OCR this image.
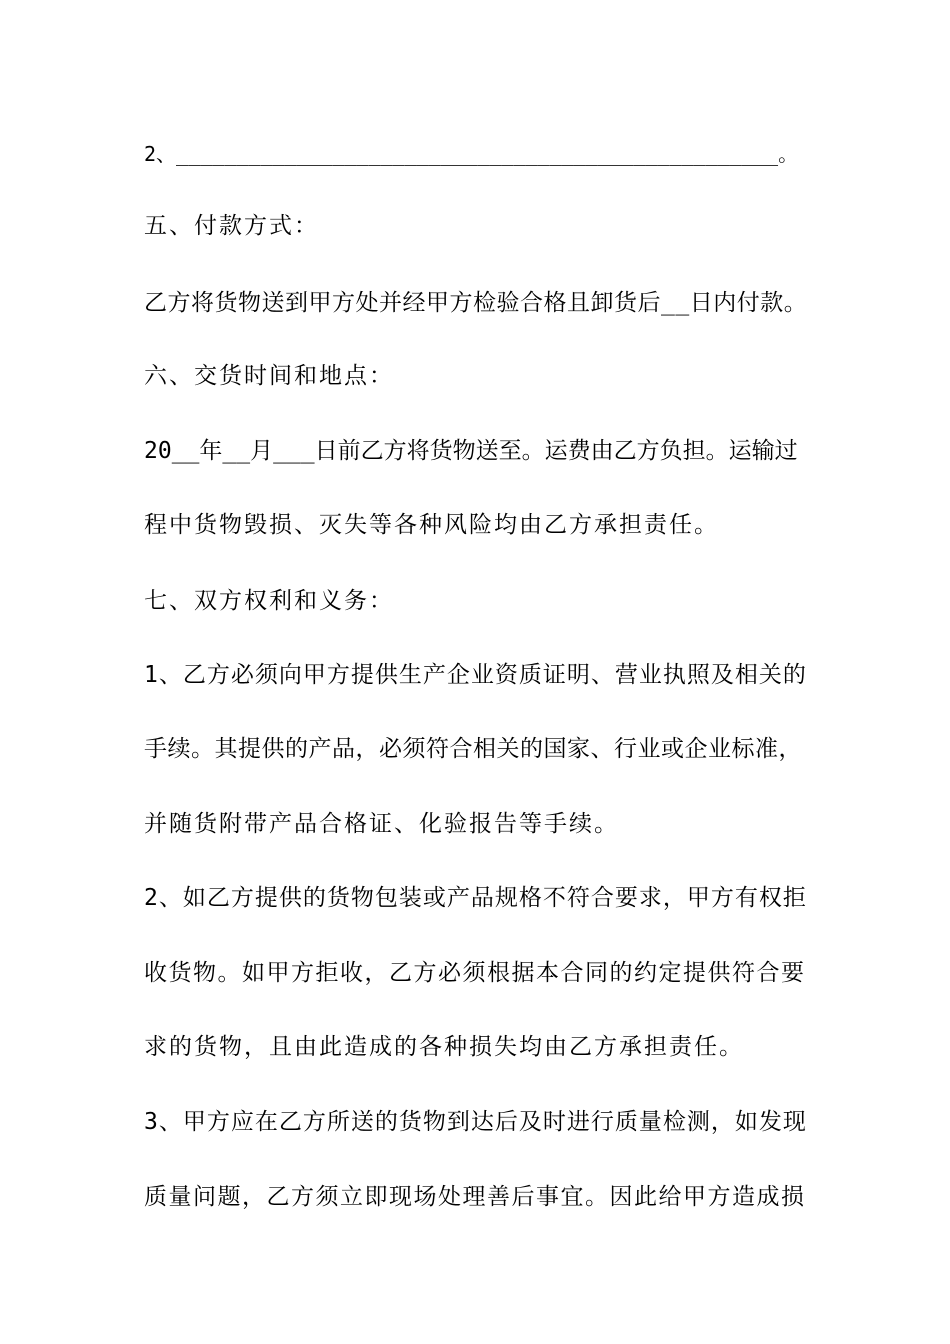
2、__________________________________________________。
五、付款方式：
乙方将货物送到甲方处并经甲方检验合格且卸货后__日内付款。
六、交货时间和地点：
20__年__月___日前乙方将货物送至。运费由乙方负担。运输过
程中货物毁损、灭失等各种风险均由乙方承担责任。
七、双方权利和义务：
1、乙方必须向甲方提供生产企业资质证明、营业执照及相关的
手续。其提供的产品，必须符合相关的国家、行业或企业标准，
并随货附带产品合格证、化验报告等手续。
2、如乙方提供的货物包装或产品规格不符合要求，甲方有权拒
收货物。如甲方拒收，乙方必须根据本合同的约定提供符合要
求的货物，且由此造成的各种损失均由乙方承担责任。
3、甲方应在乙方所送的货物到达后及时进行质量检测，如发现
质量问题，乙方须立即现场处理善后事宜。因此给甲方造成损
